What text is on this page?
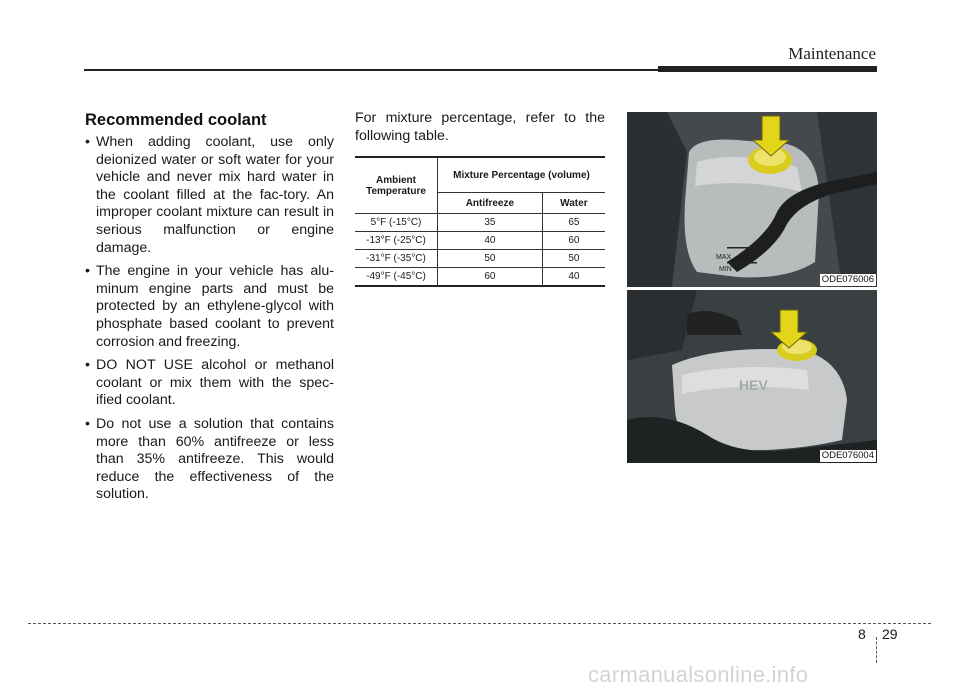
Maintenance
Recommended coolant
• When adding coolant, use only deionized water or soft water for your vehicle and never mix hard water in the coolant filled at the fac-tory. An improper coolant mixture can result in serious malfunction or engine damage.
• The engine in your vehicle has alu-minum engine parts and must be protected by an ethylene-glycol with phosphate based coolant to prevent corrosion and freezing.
• DO NOT USE alcohol or methanol coolant or mix them with the spec-ified coolant.
• Do not use a solution that contains more than 60% antifreeze or less than 35% antifreeze. This would reduce the effectiveness of the solution.
For mixture percentage, refer to the following table.
Ambient Temperature	Mixture Percentage (volume)	
	Antifreeze	Water
5°F (-15°C)	35	65
-13°F (-25°C)	40	60
-31°F (-35°C)	50	50
-49°F (-45°C)	60	40
MAX
MIN
ODE076006
HEV
ODE076004
8 29
carmanualsonline.info
